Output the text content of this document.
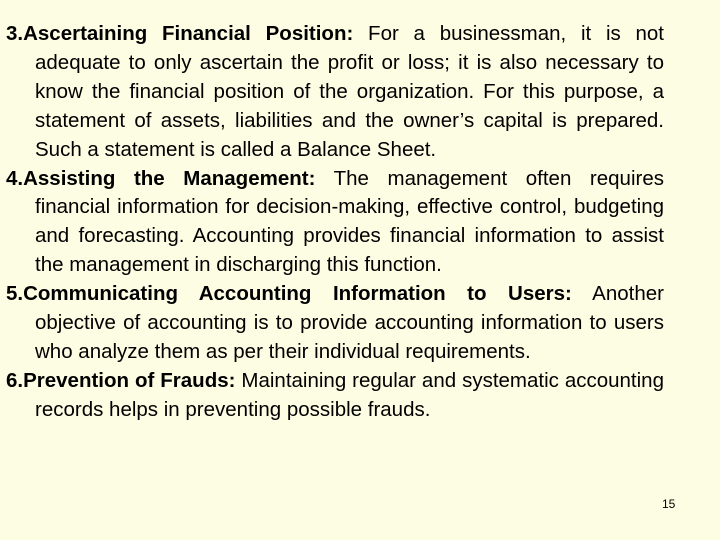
3.Ascertaining Financial Position: For a businessman, it is not adequate to only ascertain the profit or loss; it is also necessary to know the financial position of the organization. For this purpose, a statement of assets, liabilities and the owner’s capital is prepared. Such a statement is called a Balance Sheet.

4.Assisting the Management: The management often requires financial information for decision-making, effective control, budgeting and forecasting. Accounting provides financial information to assist the management in discharging this function.

5.Communicating Accounting Information to Users: Another objective of accounting is to provide accounting information to users who analyze them as per their individual requirements.

6.Prevention of Frauds: Maintaining regular and systematic accounting records helps in preventing possible frauds.

15
